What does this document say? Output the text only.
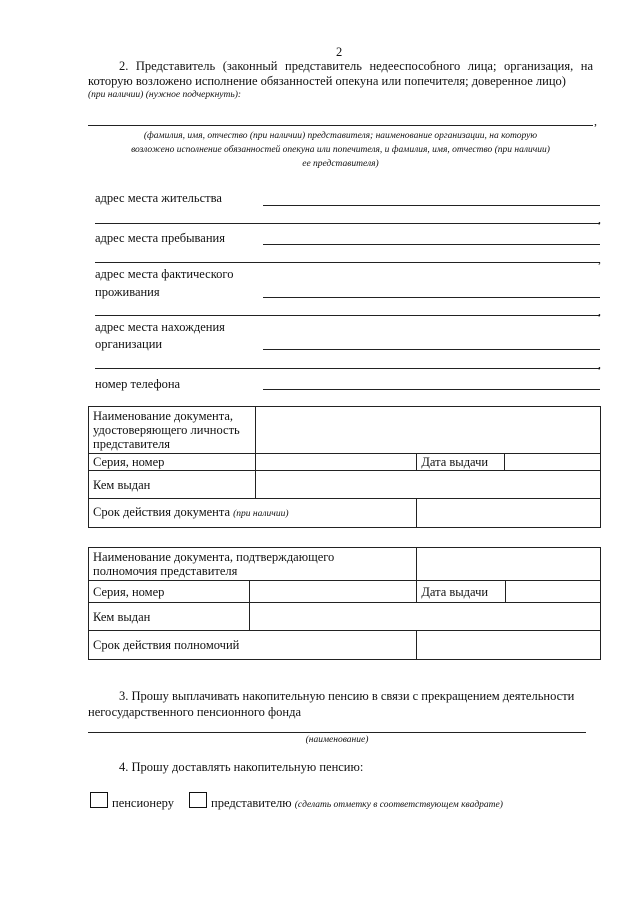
2
2. Представитель (законный представитель недееспособного лица; организация, на которую возложено исполнение обязанностей опекуна или попечителя; доверенное лицо)
(при наличии) (нужное подчеркнуть):
,
(фамилия, имя, отчество (при наличии) представителя; наименование организации, на которую
возложено исполнение обязанностей опекуна или попечителя, и фамилия, имя, отчество (при наличии)
ее представителя)
адрес места жительства
,
адрес места пребывания
,
адрес места фактического
проживания
,
адрес места нахождения
организации
,
номер телефона
Наименование документа,
удостоверяющего личность
представителя			

Серия, номер		Дата выдачи	
Кем выдан			
Срок действия документа (при наличии)			
Наименование документа, подтверждающего
полномочия представителя			

Серия, номер		Дата выдачи	
Кем выдан			
Срок действия полномочий			
3. Прошу выплачивать накопительную пенсию в связи с прекращением деятельности
негосударственного пенсионного фонда
(наименование)
4. Прошу доставлять накопительную пенсию:
пенсионеру	представителю (сделать отметку в соответствующем квадрате)
